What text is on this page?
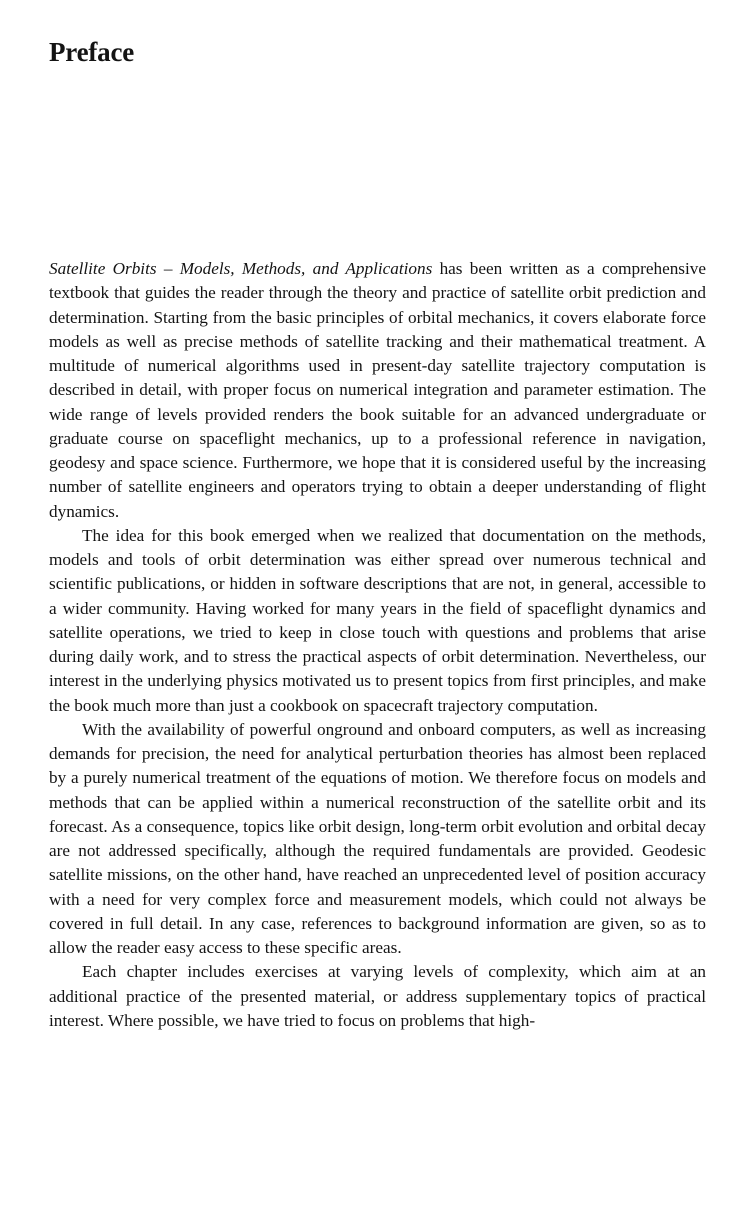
Preface

Satellite Orbits – Models, Methods, and Applications has been written as a comprehensive textbook that guides the reader through the theory and practice of satellite orbit prediction and determination. Starting from the basic principles of orbital mechanics, it covers elaborate force models as well as precise methods of satellite tracking and their mathematical treatment. A multitude of numerical algorithms used in present-day satellite trajectory computation is described in detail, with proper focus on numerical integration and parameter estimation. The wide range of levels provided renders the book suitable for an advanced undergraduate or graduate course on spaceflight mechanics, up to a professional reference in navigation, geodesy and space science. Furthermore, we hope that it is considered useful by the increasing number of satellite engineers and operators trying to obtain a deeper understanding of flight dynamics.

The idea for this book emerged when we realized that documentation on the methods, models and tools of orbit determination was either spread over numerous technical and scientific publications, or hidden in software descriptions that are not, in general, accessible to a wider community. Having worked for many years in the field of spaceflight dynamics and satellite operations, we tried to keep in close touch with questions and problems that arise during daily work, and to stress the practical aspects of orbit determination. Nevertheless, our interest in the underlying physics motivated us to present topics from first principles, and make the book much more than just a cookbook on spacecraft trajectory computation.

With the availability of powerful onground and onboard computers, as well as increasing demands for precision, the need for analytical perturbation theories has almost been replaced by a purely numerical treatment of the equations of motion. We therefore focus on models and methods that can be applied within a numerical reconstruction of the satellite orbit and its forecast. As a consequence, topics like orbit design, long-term orbit evolution and orbital decay are not addressed specifically, although the required fundamentals are provided. Geodesic satellite missions, on the other hand, have reached an unprecedented level of position accuracy with a need for very complex force and measurement models, which could not always be covered in full detail. In any case, references to background information are given, so as to allow the reader easy access to these specific areas.

Each chapter includes exercises at varying levels of complexity, which aim at an additional practice of the presented material, or address supplementary topics of practical interest. Where possible, we have tried to focus on problems that high-
